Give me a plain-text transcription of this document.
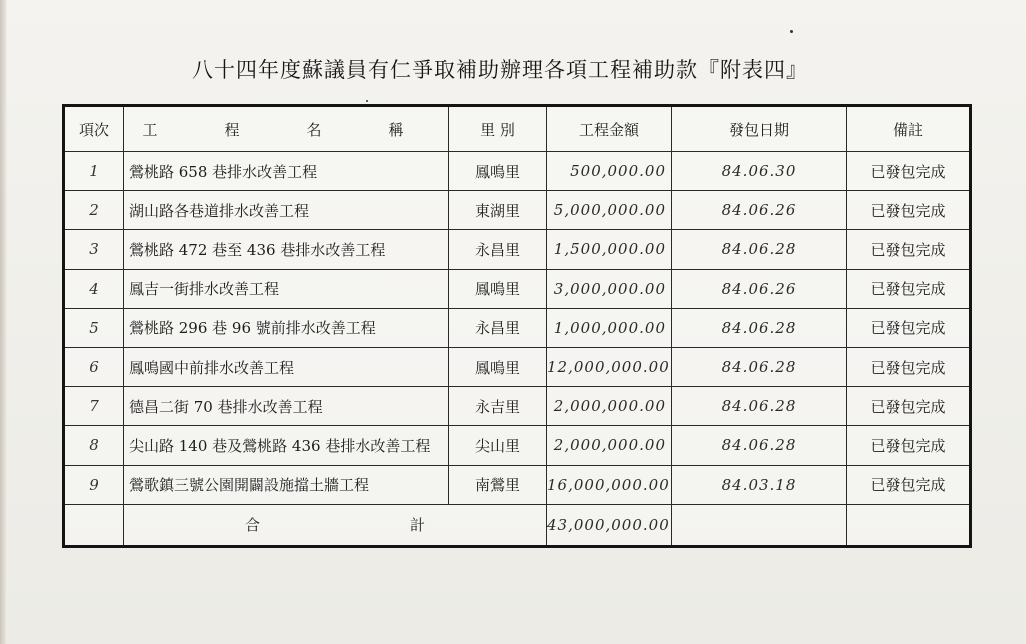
八十四年度蘇議員有仁爭取補助辦理各項工程補助款『附表四』
項次	工　程　名　稱	里 別	工程金額	發包日期	備註
1	鶯桃路 658 巷排水改善工程	鳳鳴里	500,000.00	84.06.30	已發包完成
2	湖山路各巷道排水改善工程	東湖里	5,000,000.00	84.06.26	已發包完成
3	鶯桃路 472 巷至 436 巷排水改善工程	永昌里	1,500,000.00	84.06.28	已發包完成
4	鳳吉一街排水改善工程	鳳鳴里	3,000,000.00	84.06.26	已發包完成
5	鶯桃路 296 巷 96 號前排水改善工程	永昌里	1,000,000.00	84.06.28	已發包完成
6	鳳鳴國中前排水改善工程	鳳鳴里	12,000,000.00	84.06.28	已發包完成
7	德昌二街 70 巷排水改善工程	永吉里	2,000,000.00	84.06.28	已發包完成
8	尖山路 140 巷及鶯桃路 436 巷排水改善工程	尖山里	2,000,000.00	84.06.28	已發包完成
9	鶯歌鎮三號公園開闢設施擋土牆工程	南鶯里	16,000,000.00	84.03.18	已發包完成
	合 計		43,000,000.00		
